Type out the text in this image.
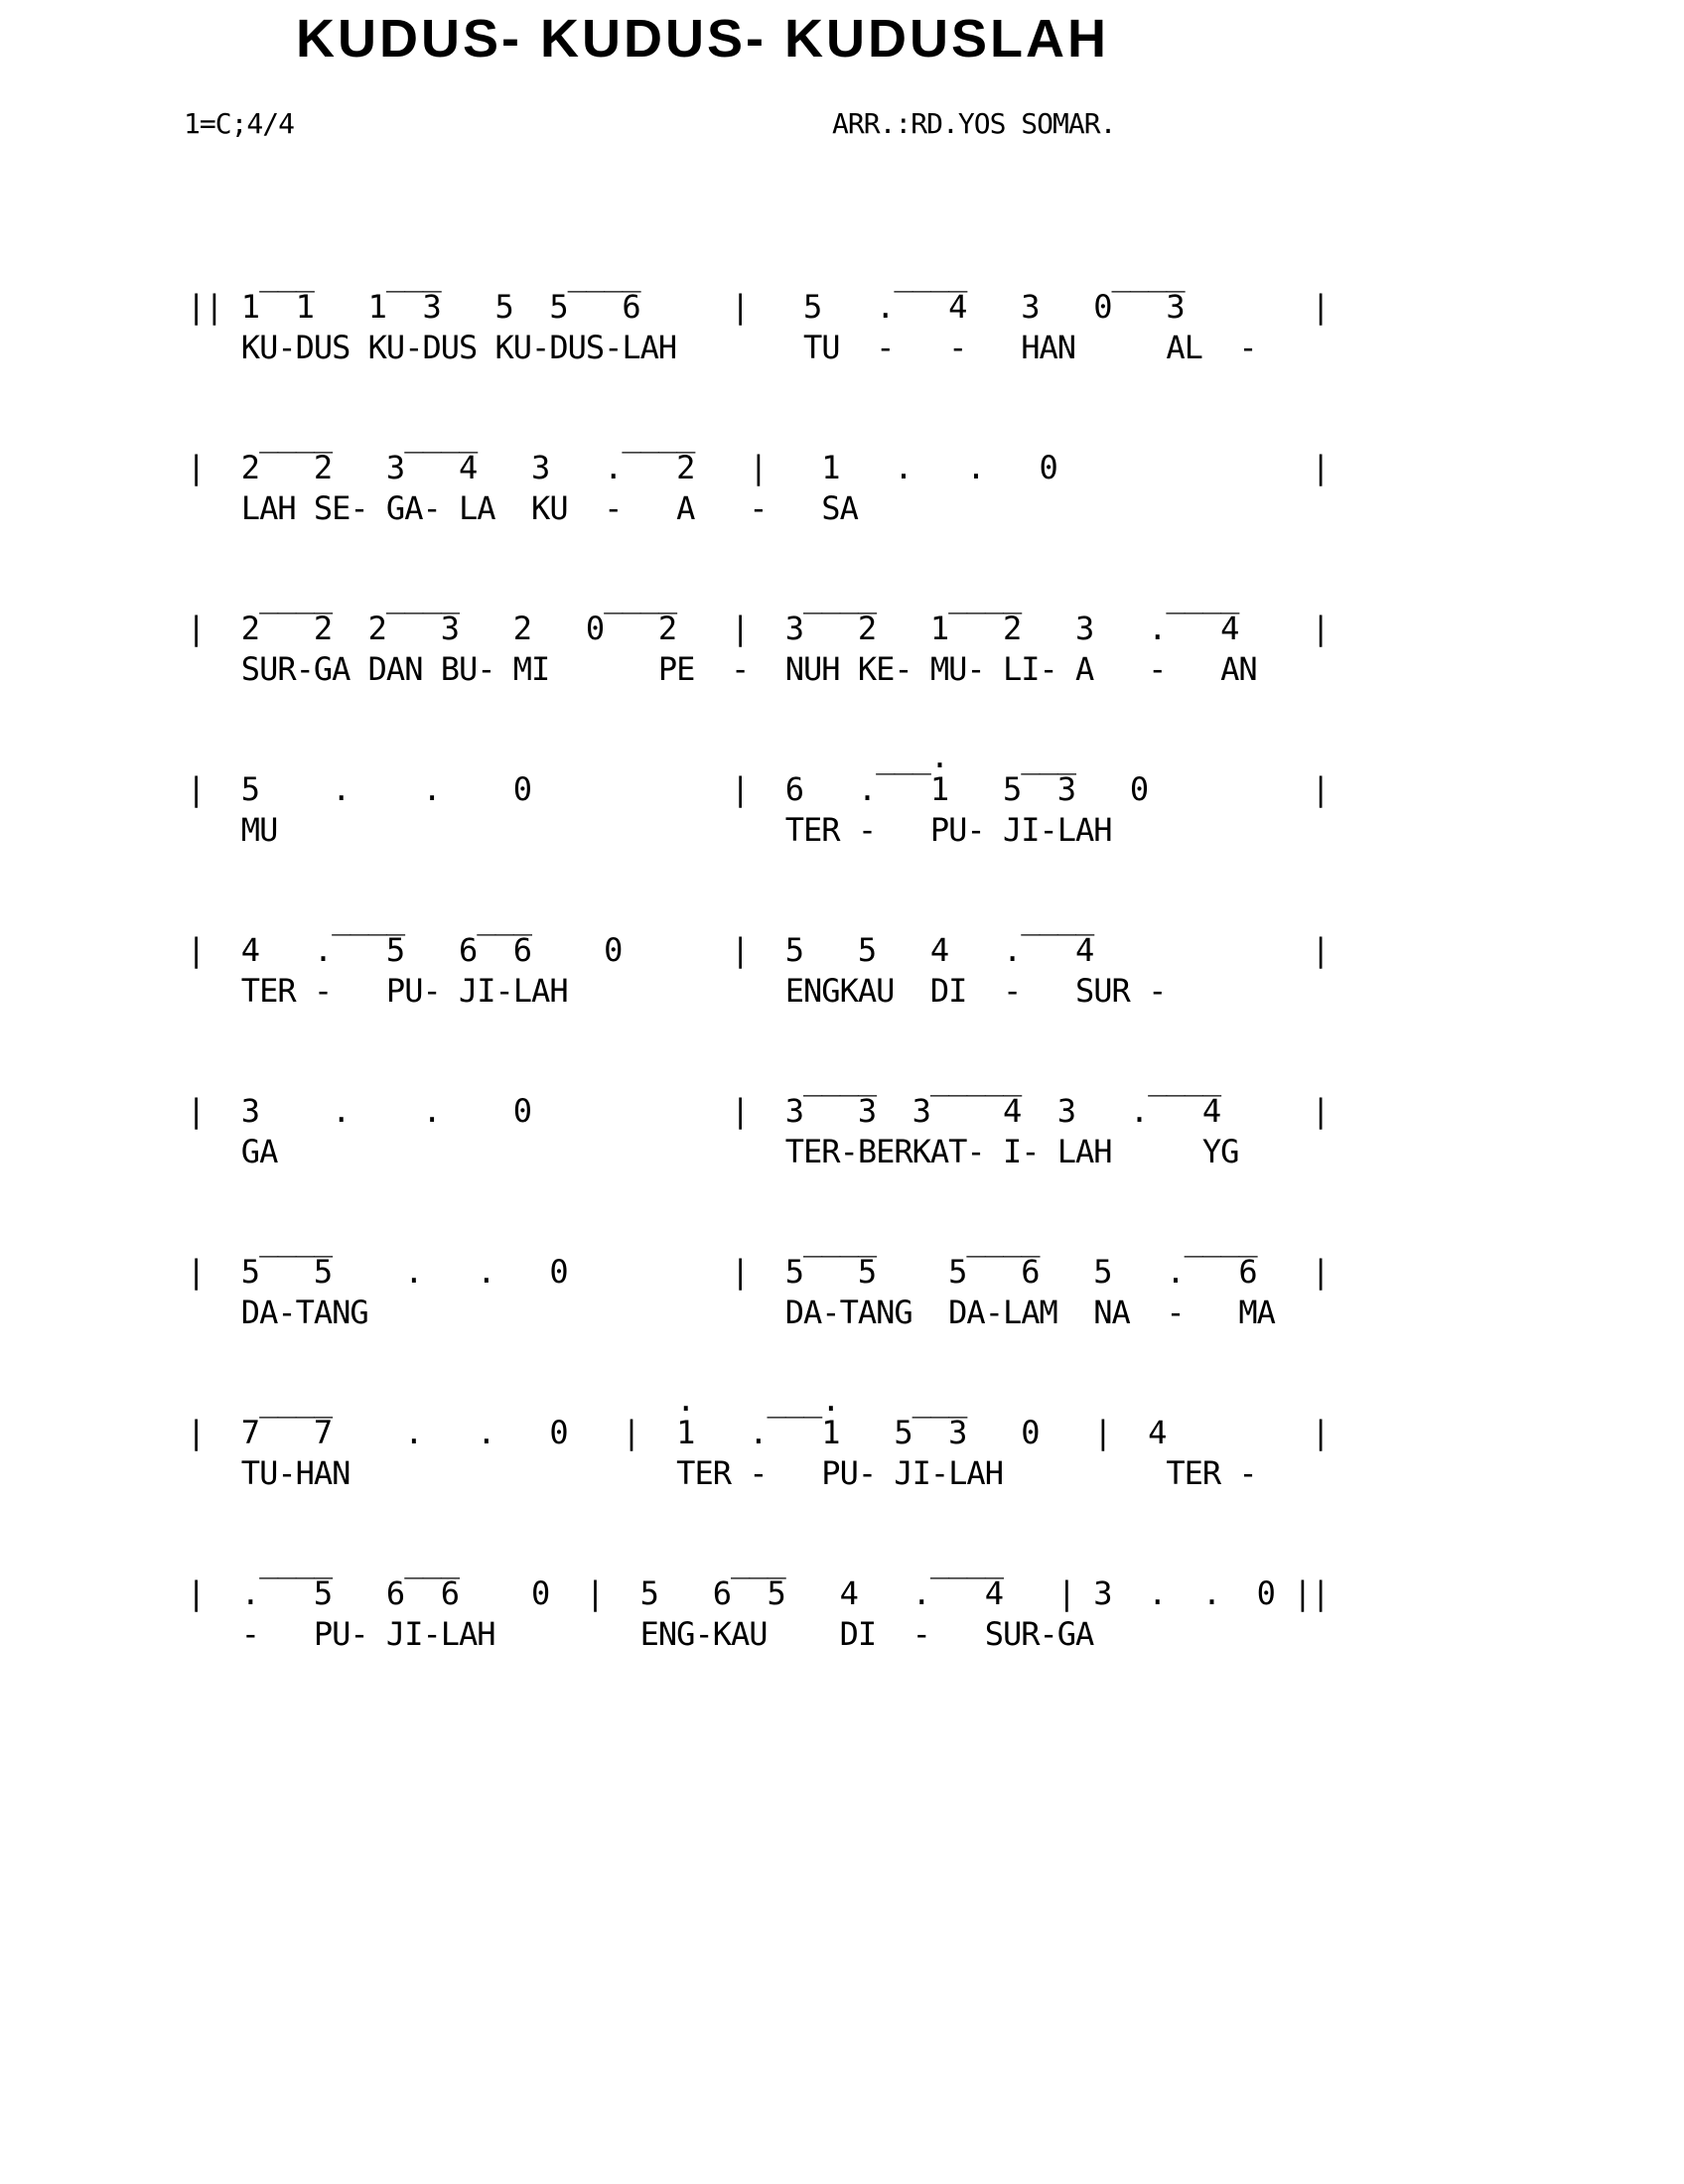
KUDUS- KUDUS- KUDUSLAH
1=C;4/4	ARR.:RD.YOS SOMAR.
___    ___       ____              ____        ____
|| 1  1   1  3   5  5   6     |   5   .   4   3   0   3       |
KU-DUS KU-DUS KU-DUS-LAH       TU  -   -   HAN     AL  -
____    ____        ____
|  2   2   3   4   3   .   2   |   1   .   .   0              |
LAH SE- GA- LA  KU  -   A   -   SA
____   ____        ____       ____    ____        ____
|  2   2  2   3   2   0   2   |  3   2   1   2   3   .   4    |
SUR-GA DAN BU- MI      PE  -  NUH KE- MU- LI- A   -   AN
___.    ___
|  5    .    .    0           |  6   .   1   5  3   0         |
MU                            TER -   PU- JI-LAH
____    ___                           ____
|  4   .   5   6  6    0      |  5   5   4   .   4            |
TER -   PU- JI-LAH            ENGKAU  DI  -   SUR -
____   _____       ____
|  3    .    .    0           |  3   3  3    4  3   .   4     |
GA                            TER-BERKAT- I- LAH     YG
____                          ____     ____        ____
|  5   5    .   .   0         |  5   5    5   6   5   .   6   |
DA-TANG                       DA-TANG  DA-LAM  NA  -   MA
____                   .    ___.    ___
|  7   7    .   .   0   |  1   .   1   5  3   0   |  4        |
TU-HAN                  TER -   PU- JI-LAH         TER -
____    ___               ___        ____
|  .   5   6  6    0  |  5   6  5   4   .   4   | 3  .  .  0 ||
-   PU- JI-LAH        ENG-KAU    DI  -   SUR-GA
